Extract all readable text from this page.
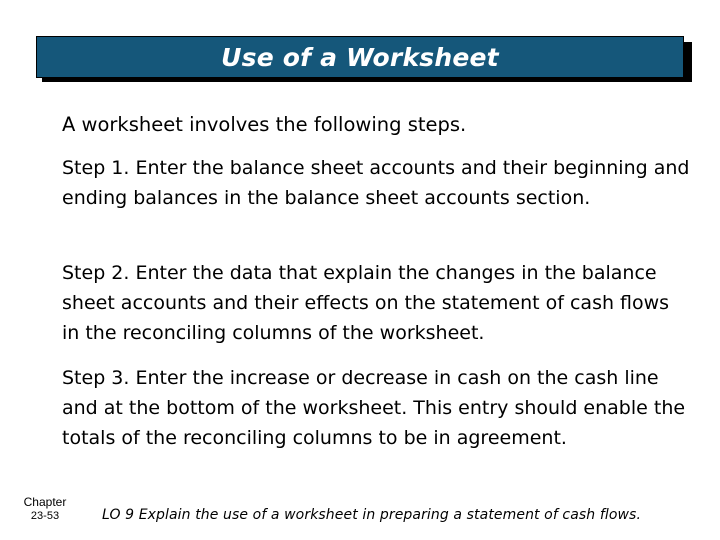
Use of a Worksheet
A worksheet involves the following steps.
Step 1. Enter the balance sheet accounts and their beginning and ending balances in the balance sheet accounts section.
Step 2. Enter the data that explain the changes in the balance sheet accounts and their effects on the statement of cash flows in the reconciling columns of the worksheet.
Step 3. Enter the increase or decrease in cash on the cash line and at the bottom of the worksheet. This entry should enable the totals of the reconciling columns to be in agreement.
Chapter
23-53	LO 9 Explain the use of a worksheet in preparing a statement of cash flows.
